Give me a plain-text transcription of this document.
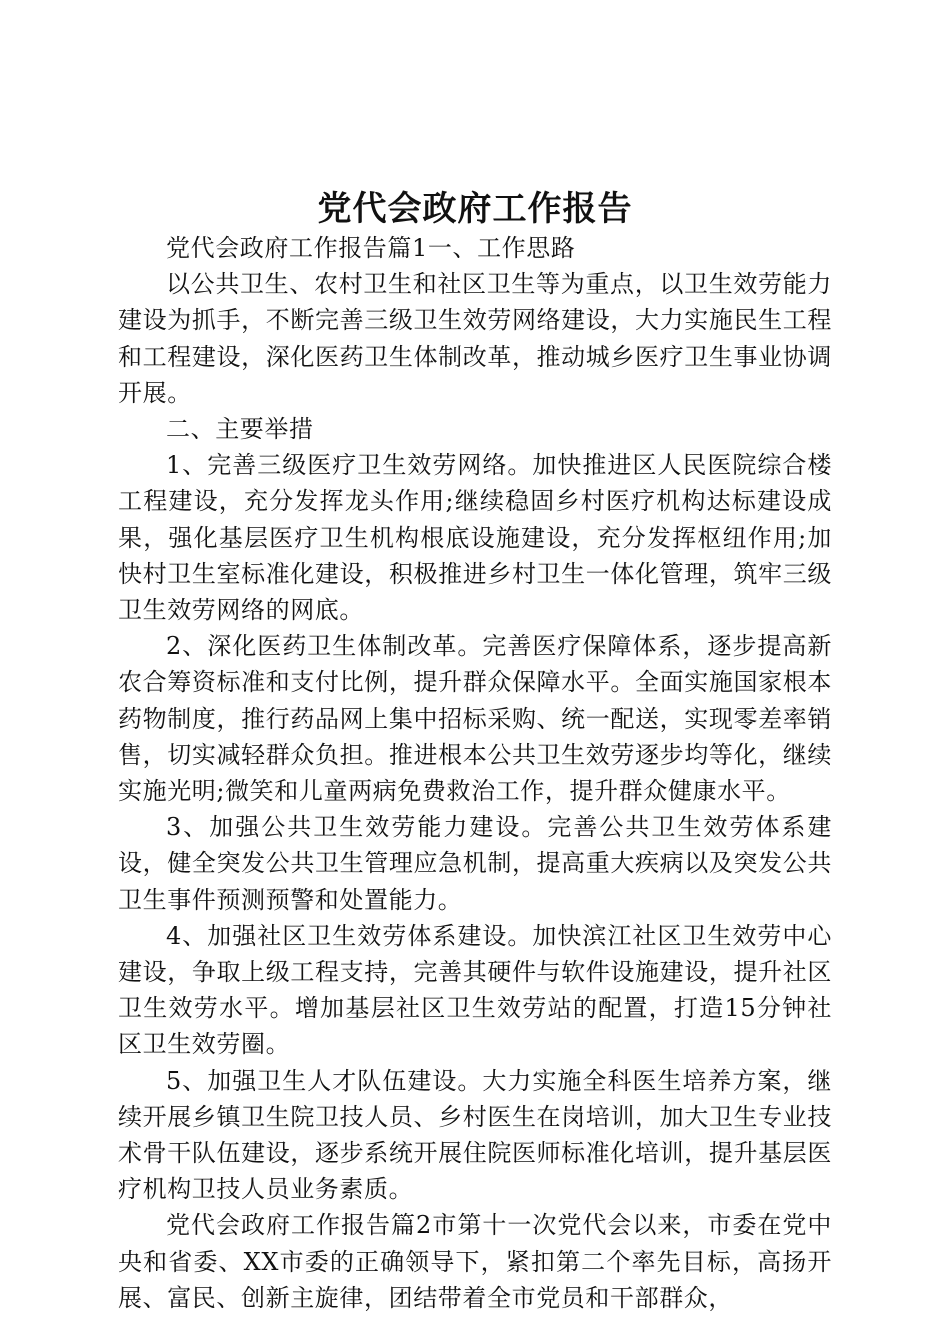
党代会政府工作报告

党代会政府工作报告篇1一、工作思路

以公共卫生、农村卫生和社区卫生等为重点，以卫生效劳能力建设为抓手，不断完善三级卫生效劳网络建设，大力实施民生工程和工程建设，深化医药卫生体制改革，推动城乡医疗卫生事业协调开展。

二、主要举措

1、完善三级医疗卫生效劳网络。加快推进区人民医院综合楼工程建设，充分发挥龙头作用;继续稳固乡村医疗机构达标建设成果，强化基层医疗卫生机构根底设施建设，充分发挥枢纽作用;加快村卫生室标准化建设，积极推进乡村卫生一体化管理，筑牢三级卫生效劳网络的网底。

2、深化医药卫生体制改革。完善医疗保障体系，逐步提高新农合筹资标准和支付比例，提升群众保障水平。全面实施国家根本药物制度，推行药品网上集中招标采购、统一配送，实现零差率销售，切实减轻群众负担。推进根本公共卫生效劳逐步均等化，继续实施光明;微笑和儿童两病免费救治工作，提升群众健康水平。

3、加强公共卫生效劳能力建设。完善公共卫生效劳体系建设，健全突发公共卫生管理应急机制，提高重大疾病以及突发公共卫生事件预测预警和处置能力。

4、加强社区卫生效劳体系建设。加快滨江社区卫生效劳中心建设，争取上级工程支持，完善其硬件与软件设施建设，提升社区卫生效劳水平。增加基层社区卫生效劳站的配置，打造15分钟社区卫生效劳圈。

5、加强卫生人才队伍建设。大力实施全科医生培养方案，继续开展乡镇卫生院卫技人员、乡村医生在岗培训，加大卫生专业技术骨干队伍建设，逐步系统开展住院医师标准化培训，提升基层医疗机构卫技人员业务素质。

党代会政府工作报告篇2市第十一次党代会以来，市委在党中央和省委、XX市委的正确领导下，紧扣第二个率先目标，高扬开展、富民、创新主旋律，团结带着全市党员和干部群众，
